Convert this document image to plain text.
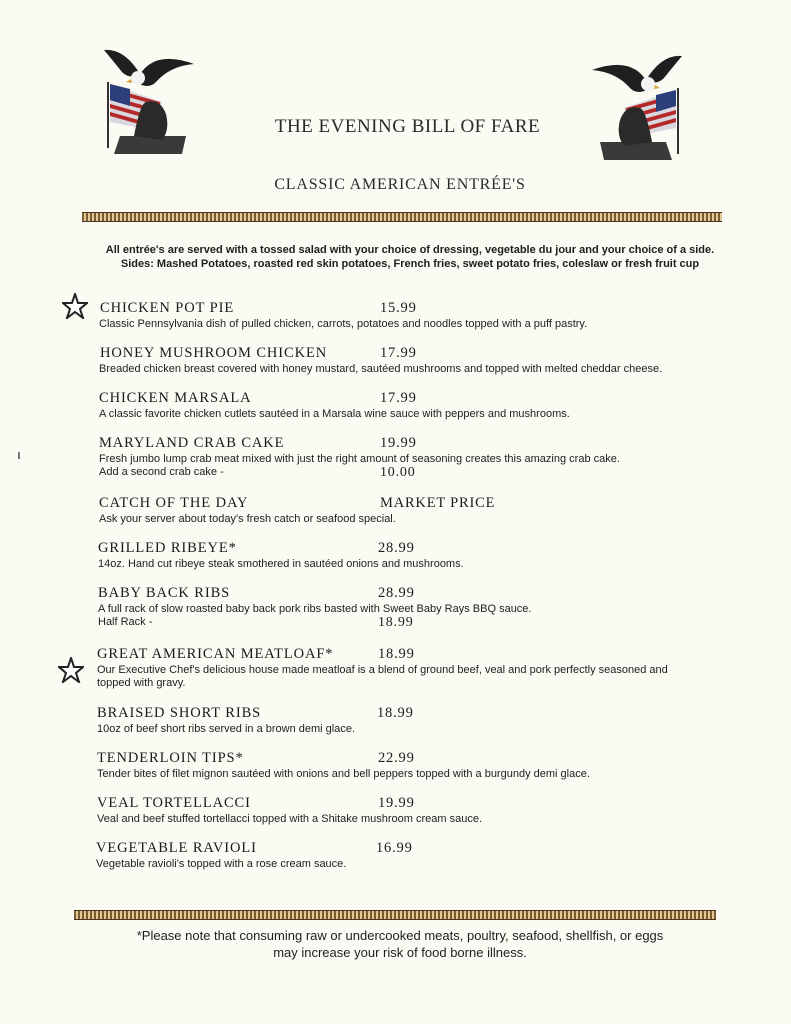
THE EVENING BILL OF FARE
CLASSIC AMERICAN ENTRÉE'S
All entrée's are served with a tossed salad with your choice of dressing, vegetable du jour and your choice of a side.
Sides: Mashed Potatoes, roasted red skin potatoes, French fries, sweet potato fries, coleslaw or fresh fruit cup
CHICKEN POT PIE	15.99
Classic Pennsylvania dish of pulled chicken, carrots, potatoes and noodles topped with a puff pastry.
HONEY MUSHROOM CHICKEN	17.99
Breaded chicken breast covered with honey mustard, sautéed mushrooms and topped with melted cheddar cheese.
CHICKEN MARSALA	17.99
A classic favorite chicken cutlets sautéed in a Marsala wine sauce with peppers and mushrooms.
MARYLAND CRAB CAKE	19.99
Fresh jumbo lump crab meat mixed with just the right amount of seasoning creates this amazing crab cake.
Add a second crab cake -	10.00
CATCH OF THE DAY	MARKET PRICE
Ask your server about today's fresh catch or seafood special.
GRILLED RIBEYE*	28.99
14oz. Hand cut ribeye steak smothered in sautéed onions and mushrooms.
BABY BACK RIBS	28.99
A full rack of slow roasted baby back pork ribs basted with Sweet Baby Rays BBQ sauce.
Half Rack -	18.99
GREAT AMERICAN MEATLOAF*	18.99
Our Executive Chef's delicious house made meatloaf is a blend of ground beef, veal and pork perfectly seasoned and topped with gravy.
BRAISED SHORT RIBS	18.99
10oz of beef short ribs served in a brown demi glace.
TENDERLOIN TIPS*	22.99
Tender bites of filet mignon sautéed with onions and bell peppers topped with a burgundy demi glace.
VEAL TORTELLACCI	19.99
Veal and beef stuffed tortellacci topped with a Shitake mushroom cream sauce.
VEGETABLE RAVIOLI	16.99
Vegetable ravioli's topped with a rose cream sauce.
*Please note that consuming raw or undercooked meats, poultry, seafood, shellfish, or eggs
may increase your risk of food borne illness.
